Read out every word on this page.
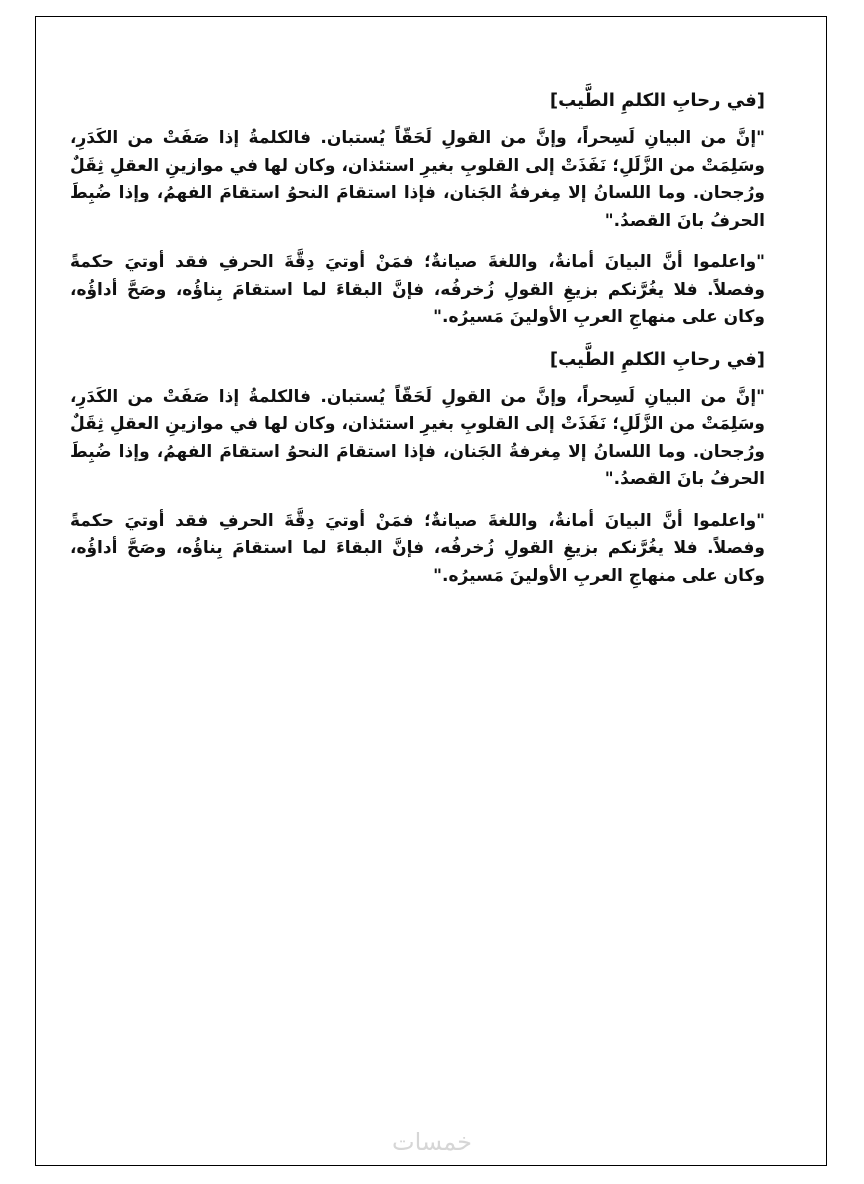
[في رحابِ الكلمِ الطَّيب]

"إنَّ من البيانِ لَسِحراً، وإنَّ من القولِ لَحَقّاً يُستبان. فالكلمةُ إذا صَفَتْ من الكَدَرِ، وسَلِمَتْ من الزَّلَلِ؛ نَفَذَتْ إلى القلوبِ بغيرِ استئذان، وكان لها في موازينِ العقلِ ثِقَلٌ ورُجحان. وما اللسانُ إلا مِغرفةُ الجَنان، فإذا استقامَ النحوُ استقامَ الفهمُ، وإذا ضُبِطَ الحرفُ بانَ القصدُ."

"واعلموا أنَّ البيانَ أمانةٌ، واللغةَ صيانةٌ؛ فمَنْ أوتيَ دِقَّةَ الحرفِ فقد أوتيَ حكمةً وفصلاً. فلا يغُرَّنكم بزيغِ القولِ زُخرفُه، فإنَّ البقاءَ لما استقامَ بِناؤُه، وصَحَّ أداؤُه، وكان على منهاجِ العربِ الأولينَ مَسيرُه."

[في رحابِ الكلمِ الطَّيب]

"إنَّ من البيانِ لَسِحراً، وإنَّ من القولِ لَحَقّاً يُستبان. فالكلمةُ إذا صَفَتْ من الكَدَرِ، وسَلِمَتْ من الزَّلَلِ؛ نَفَذَتْ إلى القلوبِ بغيرِ استئذان، وكان لها في موازينِ العقلِ ثِقَلٌ ورُجحان. وما اللسانُ إلا مِغرفةُ الجَنان، فإذا استقامَ النحوُ استقامَ الفهمُ، وإذا ضُبِطَ الحرفُ بانَ القصدُ."

"واعلموا أنَّ البيانَ أمانةٌ، واللغةَ صيانةٌ؛ فمَنْ أوتيَ دِقَّةَ الحرفِ فقد أوتيَ حكمةً وفصلاً. فلا يغُرَّنكم بزيغِ القولِ زُخرفُه، فإنَّ البقاءَ لما استقامَ بِناؤُه، وصَحَّ أداؤُه، وكان على منهاجِ العربِ الأولينَ مَسيرُه."

خمسات
